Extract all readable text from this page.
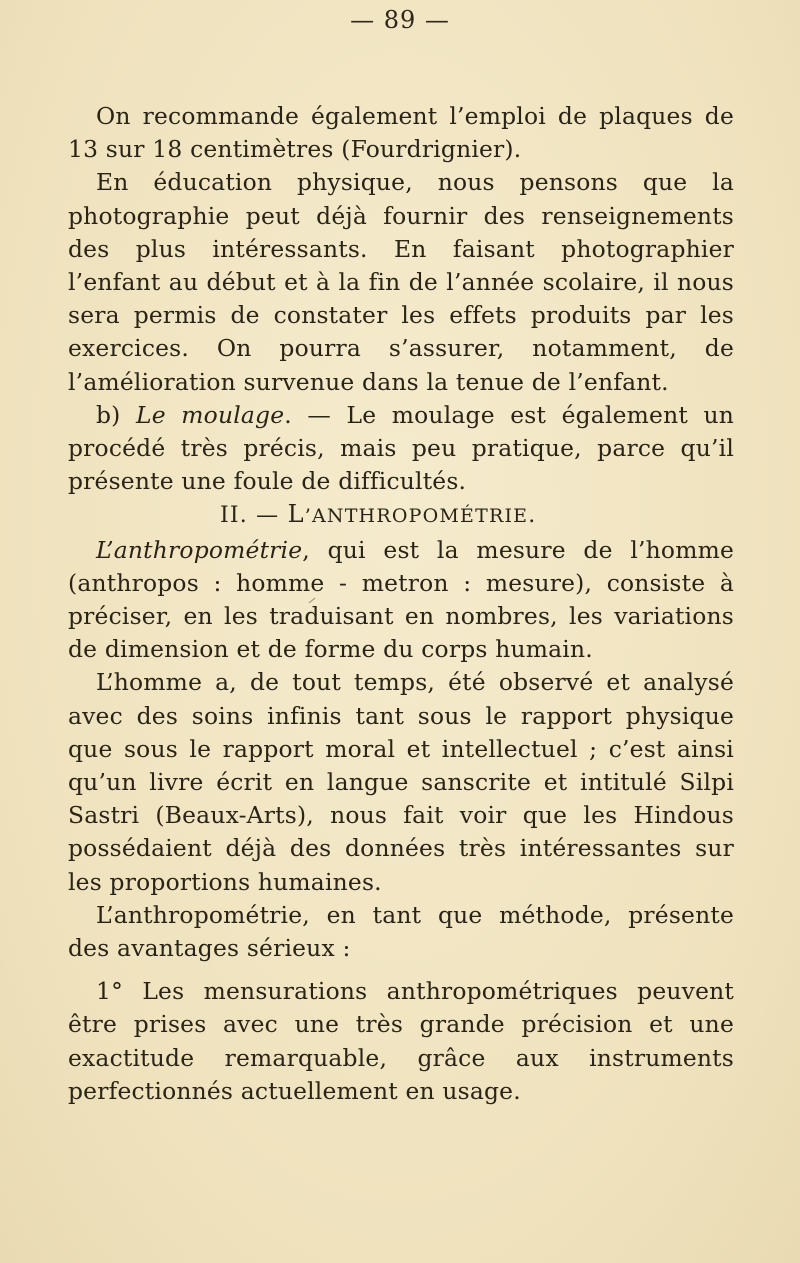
— 89 —

On recommande également l’emploi de plaques de 13 sur 18 centimètres (Fourdrignier).

En éducation physique, nous pensons que la photographie peut déjà fournir des renseignements des plus intéressants. En faisant photographier l’enfant au début et à la fin de l’année scolaire, il nous sera permis de constater les effets produits par les exercices. On pourra s’assurer, notamment, de l’amélioration survenue dans la tenue de l’enfant.

b) Le moulage. — Le moulage est également un procédé très précis, mais peu pratique, parce qu’il présente une foule de difficultés.

II. — L’ANTHROPOMÉTRIE.

L’anthropométrie, qui est la mesure de l’homme (anthropos : homme - metron : mesure), consiste à préciser, en les traduisant en nombres, les variations de dimension et de forme du corps humain.

L’homme a, de tout temps, été observé et analysé avec des soins infinis tant sous le rapport physique que sous le rapport moral et intellectuel ; c’est ainsi qu’un livre écrit en langue sanscrite et intitulé Silpi Sastri (Beaux-Arts), nous fait voir que les Hindous possédaient déjà des données très intéressantes sur les proportions humaines.

L’anthropométrie, en tant que méthode, présente des avantages sérieux :

1° Les mensurations anthropométriques peuvent être prises avec une très grande précision et une exactitude remarquable, grâce aux instruments perfectionnés actuellement en usage.
